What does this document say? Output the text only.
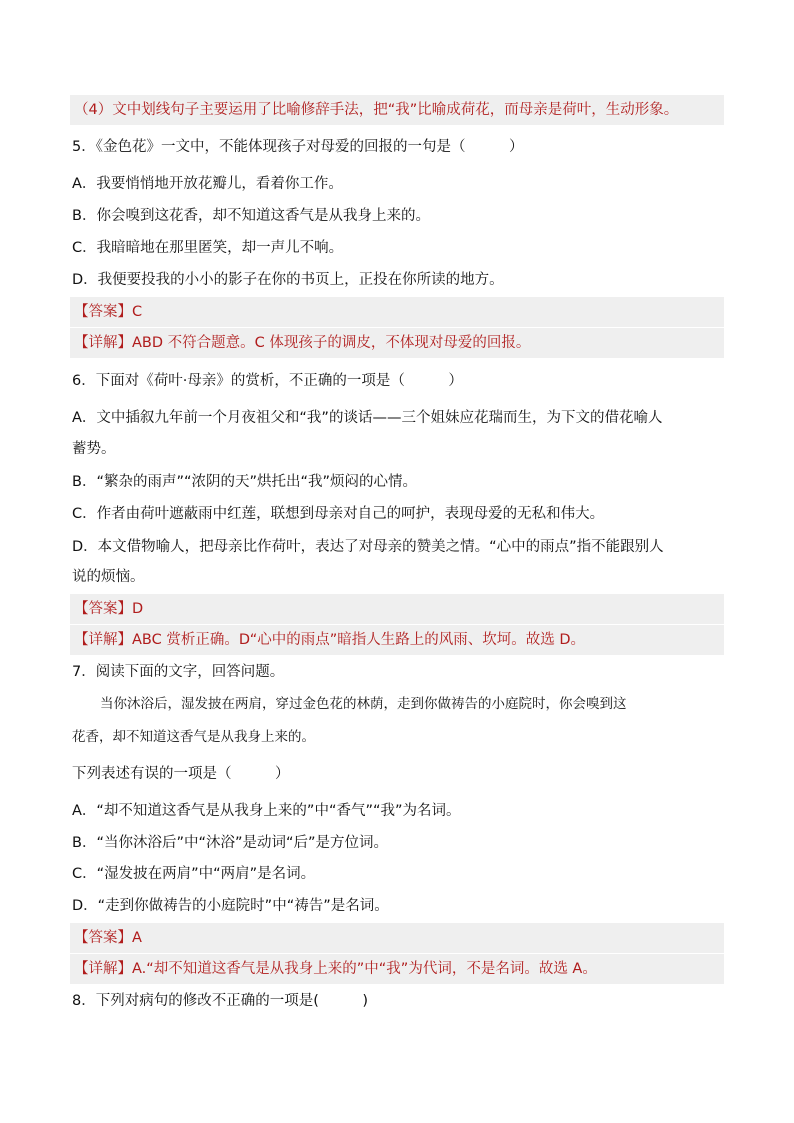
（4）文中划线句子主要运用了比喻修辞手法，把“我”比喻成荷花，而母亲是荷叶，生动形象。
5．《金色花》一文中，不能体现孩子对母爱的回报的一句是（　　　）
A．我要悄悄地开放花瓣儿，看着你工作。
B．你会嗅到这花香，却不知道这香气是从我身上来的。
C．我暗暗地在那里匿笑，却一声儿不响。
D．我便要投我的小小的影子在你的书页上，正投在你所读的地方。
【答案】C
【详解】ABD 不符合题意。C 体现孩子的调皮，不体现对母爱的回报。
6．下面对《荷叶·母亲》的赏析，不正确的一项是（　　　）
A．文中插叙九年前一个月夜祖父和“我”的谈话——三个姐妹应花瑞而生，为下文的借花喻人
蓄势。
B．“繁杂的雨声”“浓阴的天”烘托出“我”烦闷的心情。
C．作者由荷叶遮蔽雨中红莲，联想到母亲对自己的呵护，表现母爱的无私和伟大。
D．本文借物喻人，把母亲比作荷叶，表达了对母亲的赞美之情。“心中的雨点”指不能跟别人
说的烦恼。
【答案】D
【详解】ABC 赏析正确。D“心中的雨点”暗指人生路上的风雨、坎坷。故选 D。
7．阅读下面的文字，回答问题。
当你沐浴后，湿发披在两肩，穿过金色花的林荫，走到你做祷告的小庭院时，你会嗅到这
花香，却不知道这香气是从我身上来的。
下列表述有误的一项是（　　　）
A．“却不知道这香气是从我身上来的”中“香气”“我”为名词。
B．“当你沐浴后”中“沐浴”是动词“后”是方位词。
C．“湿发披在两肩”中“两肩”是名词。
D．“走到你做祷告的小庭院时”中“祷告”是名词。
【答案】A
【详解】A.“却不知道这香气是从我身上来的”中“我”为代词，不是名词。故选 A。
8．下列对病句的修改不正确的一项是(　　　)
